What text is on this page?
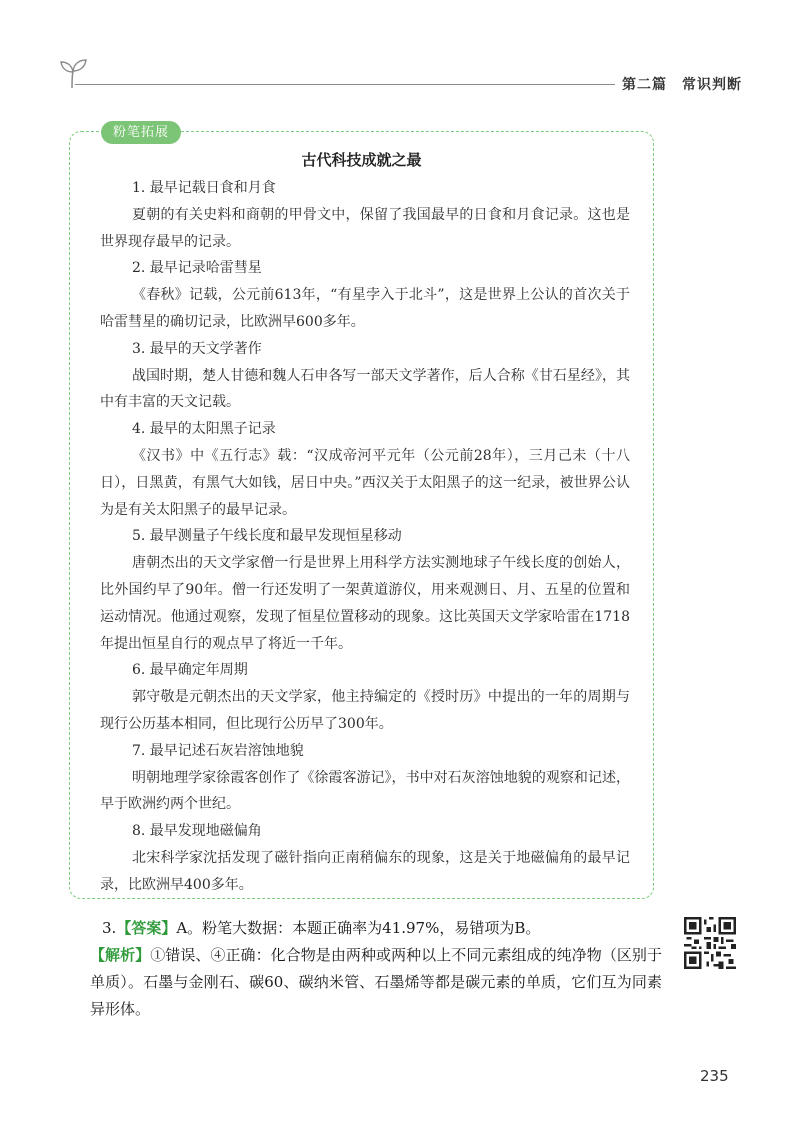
第二篇　常识判断
粉笔拓展
古代科技成就之最

1. 最早记载日食和月食

夏朝的有关史料和商朝的甲骨文中，保留了我国最早的日食和月食记录。这也是世界现存最早的记录。

2. 最早记录哈雷彗星

《春秋》记载，公元前613年，“有星孛入于北斗”，这是世界上公认的首次关于哈雷彗星的确切记录，比欧洲早600多年。

3. 最早的天文学著作

战国时期，楚人甘德和魏人石申各写一部天文学著作，后人合称《甘石星经》，其中有丰富的天文记载。

4. 最早的太阳黑子记录

《汉书》中《五行志》载：“汉成帝河平元年（公元前28年），三月己未（十八日），日黑黄，有黑气大如钱，居日中央。”西汉关于太阳黑子的这一纪录，被世界公认为是有关太阳黑子的最早记录。

5. 最早测量子午线长度和最早发现恒星移动

唐朝杰出的天文学家僧一行是世界上用科学方法实测地球子午线长度的创始人，比外国约早了90年。僧一行还发明了一架黄道游仪，用来观测日、月、五星的位置和运动情况。他通过观察，发现了恒星位置移动的现象。这比英国天文学家哈雷在1718年提出恒星自行的观点早了将近一千年。

6. 最早确定年周期

郭守敬是元朝杰出的天文学家，他主持编定的《授时历》中提出的一年的周期与现行公历基本相同，但比现行公历早了300年。

7. 最早记述石灰岩溶蚀地貌

明朝地理学家徐霞客创作了《徐霞客游记》，书中对石灰溶蚀地貌的观察和记述，早于欧洲约两个世纪。

8. 最早发现地磁偏角

北宋科学家沈括发现了磁针指向正南稍偏东的现象，这是关于地磁偏角的最早记录，比欧洲早400多年。

3.【答案】A。粉笔大数据：本题正确率为41.97%，易错项为B。

【解析】①错误、④正确：化合物是由两种或两种以上不同元素组成的纯净物（区别于单质）。石墨与金刚石、碳60、碳纳米管、石墨烯等都是碳元素的单质，它们互为同素异形体。

235
